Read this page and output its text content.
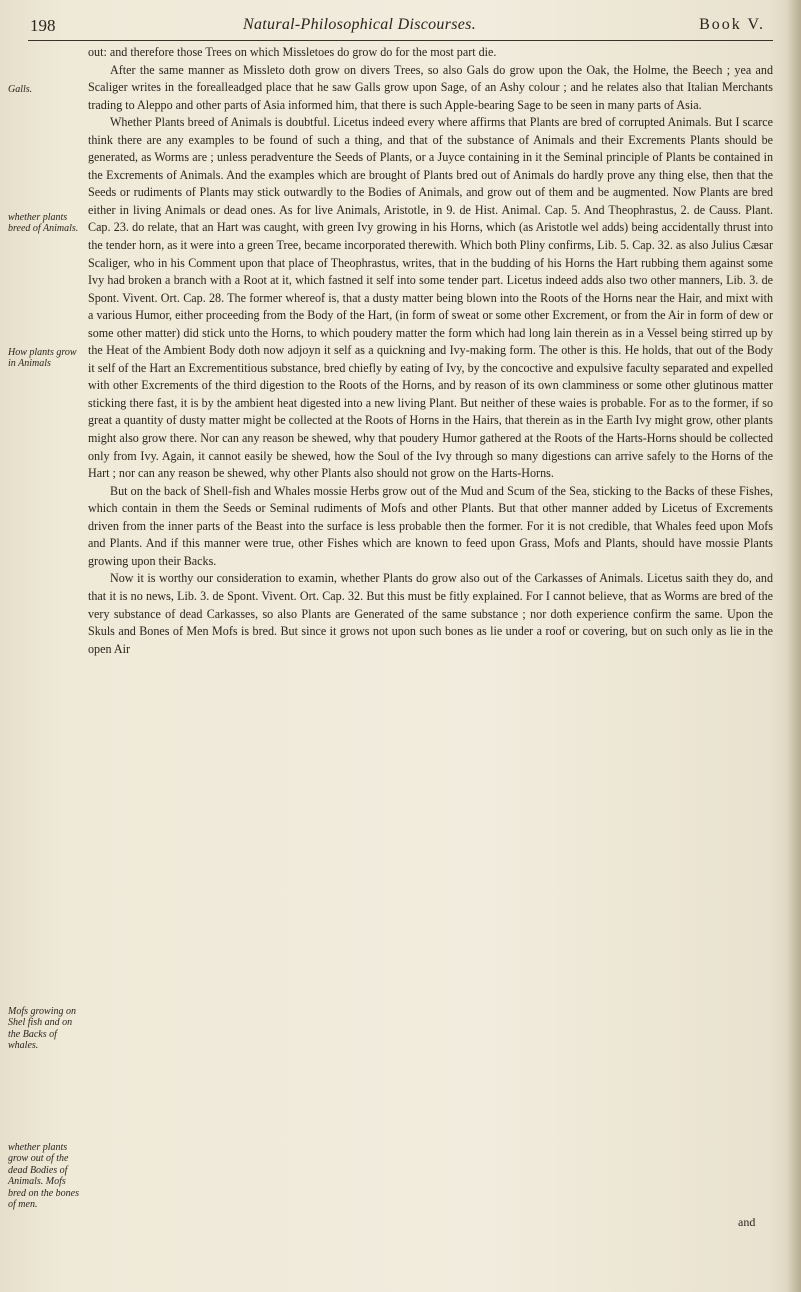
198	Natural-Philosophical Discourses.	Book V.
Galls.
whether plants breed of Animals.
How plants grow in Animals
Mofs growing on Shel fish and on the Backs of whales.
whether plants grow out of the dead Bodies of Animals. Mofs bred on the bones of men.

out: and therefore those Trees on which Missletoes do grow do for the most part die.

After the same manner as Missleto doth grow on divers Trees, so also Gals do grow upon the Oak, the Holme, the Beech ; yea and Scaliger writes in the forealleadged place that he saw Galls grow upon Sage, of an Ashy colour ; and he relates also that Italian Merchants trading to Aleppo and other parts of Asia informed him, that there is such Apple-bearing Sage to be seen in many parts of Asia.

Whether Plants breed of Animals is doubtful. Licetus indeed every where affirms that Plants are bred of corrupted Animals. But I scarce think there are any examples to be found of such a thing, and that of the substance of Animals and their Excrements Plants should be generated, as Worms are ; unless peradventure the Seeds of Plants, or a Juyce containing in it the Seminal principle of Plants be contained in the Excrements of Animals. And the examples which are brought of Plants bred out of Animals do hardly prove any thing else, then that the Seeds or rudiments of Plants may stick outwardly to the Bodies of Animals, and grow out of them and be augmented. Now Plants are bred either in living Animals or dead ones. As for live Animals, Aristotle, in 9. de Hist. Animal. Cap. 5. And Theophrastus, 2. de Causs. Plant. Cap. 23. do relate, that an Hart was caught, with green Ivy growing in his Horns, which (as Aristotle wel adds) being accidentally thrust into the tender horn, as it were into a green Tree, became incorporated therewith. Which both Pliny confirms, Lib. 5. Cap. 32. as also Julius Cæsar Scaliger, who in his Comment upon that place of Theophrastus, writes, that in the budding of his Horns the Hart rubbing them against some Ivy had broken a branch with a Root at it, which fastned it self into some tender part. Licetus indeed adds also two other manners, Lib. 3. de Spont. Vivent. Ort. Cap. 28. The former whereof is, that a dusty matter being blown into the Roots of the Horns near the Hair, and mixt with a various Humor, either proceeding from the Body of the Hart, (in form of sweat or some other Excrement, or from the Air in form of dew or some other matter) did stick unto the Horns, to which poudery matter the form which had long lain therein as in a Vessel being stirred up by the Heat of the Ambient Body doth now adjoyn it self as a quickning and Ivy-making form. The other is this. He holds, that out of the Body it self of the Hart an Excrementitious substance, bred chiefly by eating of Ivy, by the concoctive and expulsive faculty separated and expelled with other Excrements of the third digestion to the Roots of the Horns, and by reason of its own clamminess or some other glutinous matter sticking there fast, it is by the ambient heat digested into a new living Plant. But neither of these waies is probable. For as to the former, if so great a quantity of dusty matter might be collected at the Roots of Horns in the Hairs, that therein as in the Earth Ivy might grow, other plants might also grow there. Nor can any reason be shewed, why that poudery Humor gathered at the Roots of the Harts-Horns should be collected only from Ivy. Again, it cannot easily be shewed, how the Soul of the Ivy through so many digestions can arrive safely to the Horns of the Hart ; nor can any reason be shewed, why other Plants also should not grow on the Harts-Horns.

But on the back of Shell-fish and Whales mossie Herbs grow out of the Mud and Scum of the Sea, sticking to the Backs of these Fishes, which contain in them the Seeds or Seminal rudiments of Mofs and other Plants. But that other manner added by Licetus of Excrements driven from the inner parts of the Beast into the surface is less probable then the former. For it is not credible, that Whales feed upon Mofs and Plants. And if this manner were true, other Fishes which are known to feed upon Grass, Mofs and Plants, should have mossie Plants growing upon their Backs.

Now it is worthy our consideration to examin, whether Plants do grow also out of the Carkasses of Animals. Licetus saith they do, and that it is no news, Lib. 3. de Spont. Vivent. Ort. Cap. 32. But this must be fitly explained. For I cannot believe, that as Worms are bred of the very substance of dead Carkasses, so also Plants are Generated of the same substance ; nor doth experience confirm the same. Upon the Skuls and Bones of Men Mofs is bred. But since it grows not upon such bones as lie under a roof or covering, but on such only as lie in the open Air

and
